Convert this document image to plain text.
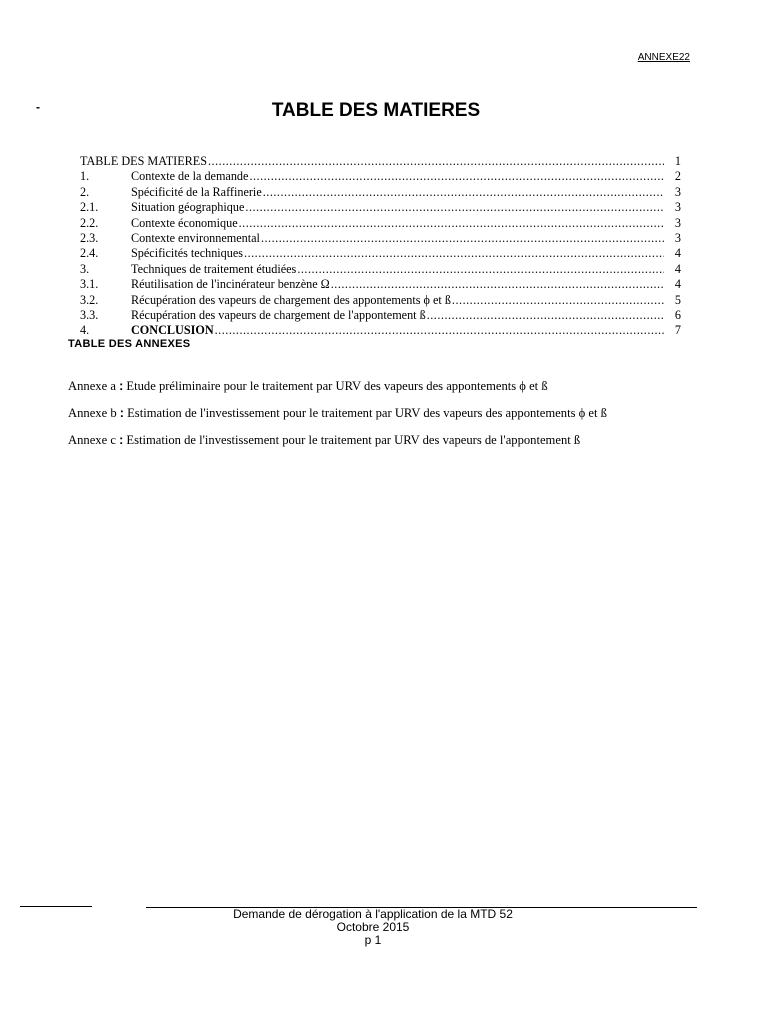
ANNEXE22
-	TABLE DES MATIERES
TABLE DES MATIERES .....	1
1.	Contexte de la demande .....	2
2.	Spécificité de la Raffinerie .....	3
2.1.	Situation géographique .....	3
2.2.	Contexte économique .....	3
2.3.	Contexte environnemental .....	3
2.4.	Spécificités techniques .....	4
3.	Techniques de traitement étudiées .....	4
3.1.	Réutilisation de l'incinérateur benzène Ω .....	4
3.2.	Récupération des vapeurs de chargement des appontements ϕ et ß .....	5
3.3.	Récupération des vapeurs de chargement de l'appontement ß .....	6
4.	CONCLUSION .....	7
TABLE DES ANNEXES
Annexe a : Etude préliminaire pour le traitement par URV des vapeurs des appontements ϕ et ß
Annexe b : Estimation de l'investissement pour le traitement par URV des vapeurs des appontements ϕ et ß
Annexe c : Estimation de l'investissement pour le traitement par URV des vapeurs de l'appontement ß
Demande de dérogation à l'application de la MTD 52
Octobre 2015
p 1
